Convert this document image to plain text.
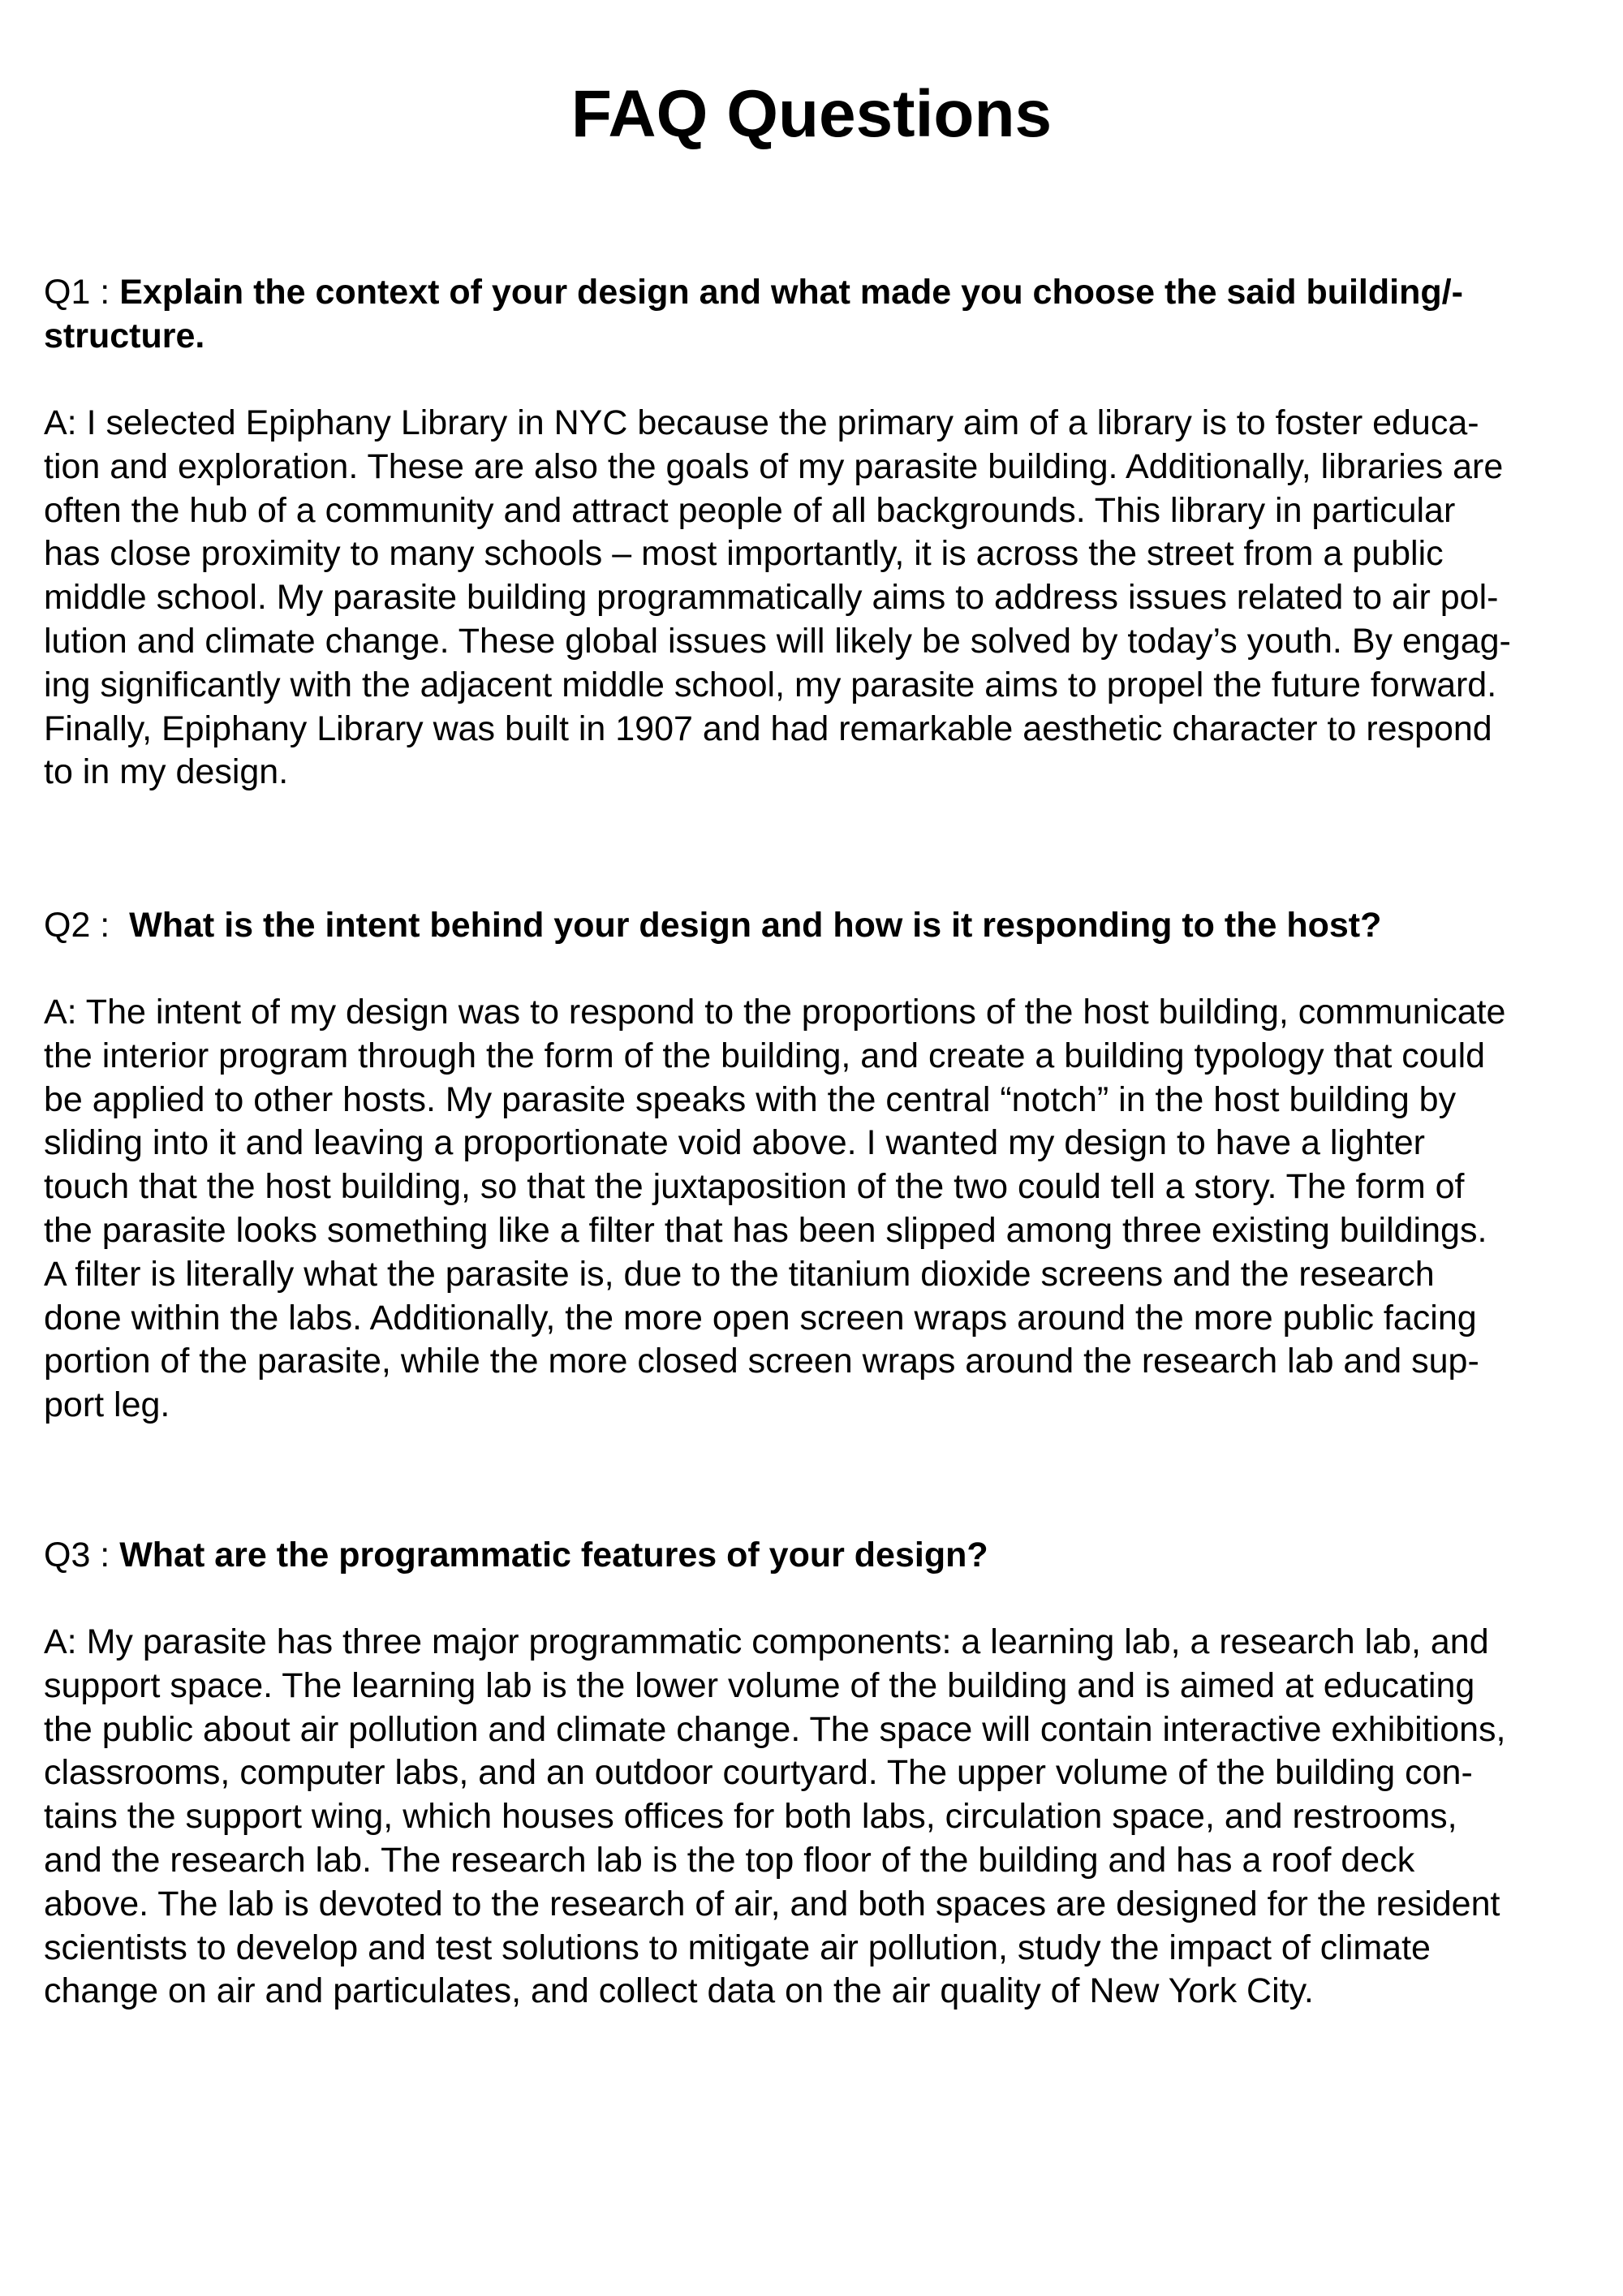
FAQ Questions

Q1 : Explain the context of your design and what made you choose the said building/-
structure.

A: I selected Epiphany Library in NYC because the primary aim of a library is to foster educa-
tion and exploration. These are also the goals of my parasite building. Additionally, libraries are
often the hub of a community and attract people of all backgrounds. This library in particular
has close proximity to many schools – most importantly, it is across the street from a public
middle school. My parasite building programmatically aims to address issues related to air pol-
lution and climate change. These global issues will likely be solved by today’s youth. By engag-
ing significantly with the adjacent middle school, my parasite aims to propel the future forward.
Finally, Epiphany Library was built in 1907 and had remarkable aesthetic character to respond
to in my design.

Q2 :  What is the intent behind your design and how is it responding to the host?

A: The intent of my design was to respond to the proportions of the host building, communicate
the interior program through the form of the building, and create a building typology that could
be applied to other hosts. My parasite speaks with the central “notch” in the host building by
sliding into it and leaving a proportionate void above. I wanted my design to have a lighter
touch that the host building, so that the juxtaposition of the two could tell a story. The form of
the parasite looks something like a filter that has been slipped among three existing buildings.
A filter is literally what the parasite is, due to the titanium dioxide screens and the research
done within the labs. Additionally, the more open screen wraps around the more public facing
portion of the parasite, while the more closed screen wraps around the research lab and sup-
port leg.

Q3 : What are the programmatic features of your design?

A: My parasite has three major programmatic components: a learning lab, a research lab, and
support space. The learning lab is the lower volume of the building and is aimed at educating
the public about air pollution and climate change. The space will contain interactive exhibitions,
classrooms, computer labs, and an outdoor courtyard. The upper volume of the building con-
tains the support wing, which houses offices for both labs, circulation space, and restrooms,
and the research lab. The research lab is the top floor of the building and has a roof deck
above. The lab is devoted to the research of air, and both spaces are designed for the resident
scientists to develop and test solutions to mitigate air pollution, study the impact of climate
change on air and particulates, and collect data on the air quality of New York City.
